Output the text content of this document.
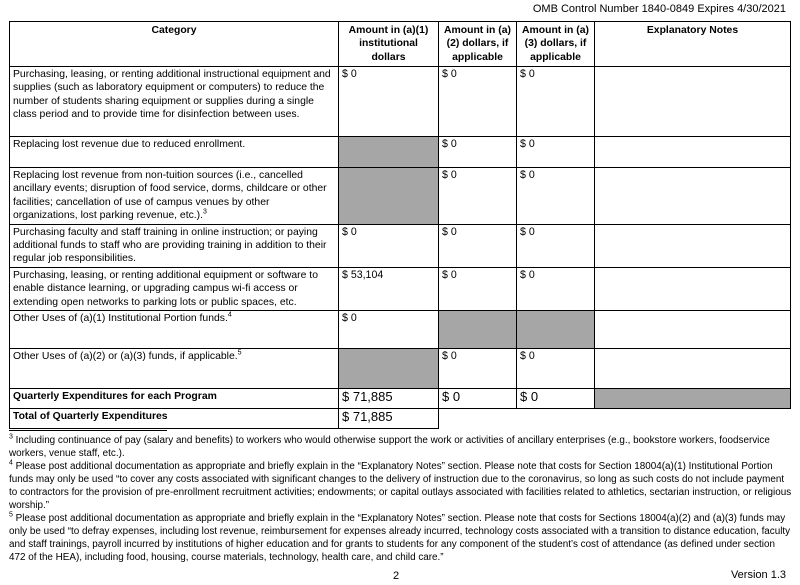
OMB Control Number 1840-0849 Expires 4/30/2021
Category	Amount in (a)(1) institutional dollars	Amount in (a)(2) dollars, if applicable	Amount in (a)(3) dollars, if applicable	Explanatory Notes
Purchasing, leasing, or renting additional instructional equipment and supplies (such as laboratory equipment or computers) to reduce the number of students sharing equipment or supplies during a single class period and to provide time for disinfection between uses.	$ 0	$ 0	$ 0	
Replacing lost revenue due to reduced enrollment.		$ 0	$ 0	
Replacing lost revenue from non-tuition sources (i.e., cancelled ancillary events; disruption of food service, dorms, childcare or other facilities; cancellation of use of campus venues by other organizations, lost parking revenue, etc.).$^3$		$ 0	$ 0	
Purchasing faculty and staff training in online instruction; or paying additional funds to staff who are providing training in addition to their regular job responsibilities.	$ 0	$ 0	$ 0	
Purchasing, leasing, or renting additional equipment or software to enable distance learning, or upgrading campus wi-fi access or extending open networks to parking lots or public spaces, etc.	$ 53,104	$ 0	$ 0	
Other Uses of (a)(1) Institutional Portion funds.$^4$	$ 0			
Other Uses of (a)(2) or (a)(3) funds, if applicable.$^5$		$ 0	$ 0	
Quarterly Expenditures for each Program	$ 71,885	$ 0	$ 0	
Total of Quarterly Expenditures	$ 71,885			

$^3$ Including continuance of pay (salary and benefits) to workers who would otherwise support the work or activities of ancillary enterprises (e.g., bookstore workers, foodservice workers, venue staff, etc.).

$^4$ Please post additional documentation as appropriate and briefly explain in the “Explanatory Notes” section. Please note that costs for Section 18004(a)(1) Institutional Portion funds may only be used “to cover any costs associated with significant changes to the delivery of instruction due to the coronavirus, so long as such costs do not include payment to contractors for the provision of pre-enrollment recruitment activities; endowments; or capital outlays associated with facilities related to athletics, sectarian instruction, or religious worship.”

$^5$ Please post additional documentation as appropriate and briefly explain in the “Explanatory Notes” section. Please note that costs for Sections 18004(a)(2) and (a)(3) funds may only be used “to defray expenses, including lost revenue, reimbursement for expenses already incurred, technology costs associated with a transition to distance education, faculty and staff trainings, payroll incurred by institutions of higher education and for grants to students for any component of the student’s cost of attendance (as defined under section 472 of the HEA), including food, housing, course materials, technology, health care, and child care.”

2	Version 1.3
